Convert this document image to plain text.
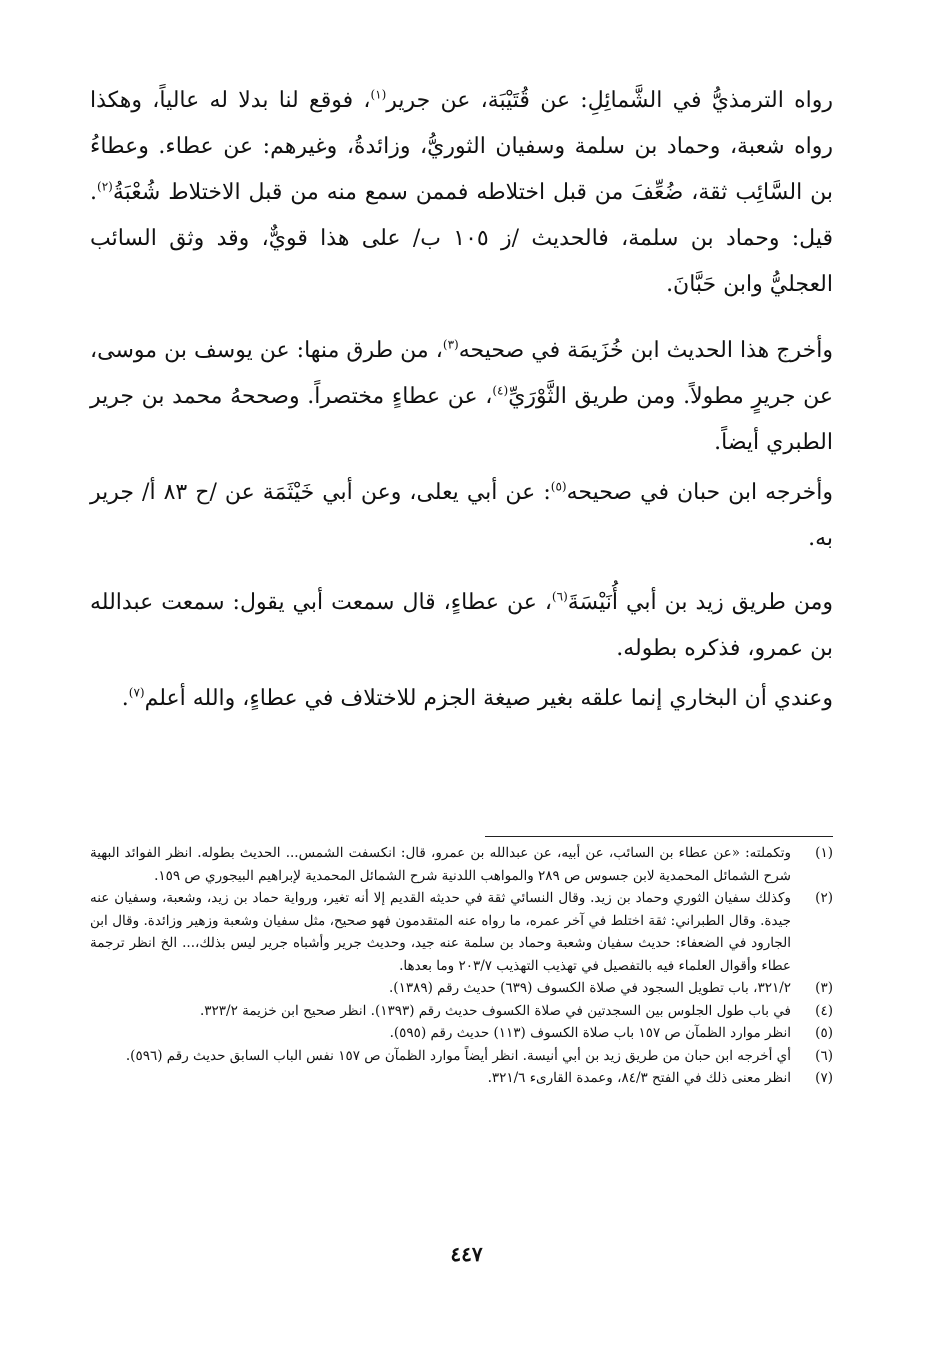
رواه الترمذيُّ في الشَّمائِلِ: عن قُتَيْبَة، عن جرير$^{(١)}$، فوقع لنا بدلا له عالياً، وهكذا رواه شعبة، وحماد بن سلمة وسفيان الثوريُّ، وزائدةُ، وغيرهم: عن عطاء. وعطاءُ بن السَّائِب ثقة، ضُعِّفَ من قبل اختلاطه فممن سمع منه من قبل الاختلاط شُعْبَةُ$^{(٢)}$. قيل: وحماد بن سلمة، فالحديث /ز ١٠٥ ب/ على هذا قويٌّ، وقد وثق السائب العجليُّ وابن حَبَّانَ.

وأخرج هذا الحديث ابن خُزَيمَة في صحيحه$^{(٣)}$، من طرق منها: عن يوسف بن موسى، عن جريرٍ مطولاً. ومن طريق الثَّوْرَيِّ$^{(٤)}$، عن عطاءٍ مختصراً. وصححهُ محمد بن جرير الطبري أيضاً.

وأخرجه ابن حبان في صحيحه$^{(٥)}$: عن أبي يعلى، وعن أبي خَيْثَمَة عن /ح ٨٣ أ/ جرير به.

ومن طريق زيد بن أبي أُنَيْسَةَ$^{(٦)}$، عن عطاءٍ، قال سمعت أبي يقول: سمعت عبدالله بن عمرو، فذكره بطوله.

وعندي أن البخاري إنما علقه بغير صيغة الجزم للاختلاف في عطاءٍ، والله أعلم$^{(٧)}$.

(١)
وتكملته: «عن عطاء بن السائب، عن أبيه، عن عبدالله بن عمرو، قال: انكسفت الشمس... الحديث بطوله. انظر الفوائد البهية شرح الشمائل المحمدية لابن جسوس ص ٢٨٩ والمواهب اللدنية شرح الشمائل المحمدية لإبراهيم البيجوري ص ١٥٩.
(٢)
وكذلك سفيان الثوري وحماد بن زيد. وقال النسائي ثقة في حديثه القديم إلا أنه تغير، ورواية حماد بن زيد، وشعبة، وسفيان عنه جيدة. وقال الطبراني: ثقة اختلط في آخر عمره، ما رواه عنه المتقدمون فهو صحيح، مثل سفيان وشعبة وزهير وزائدة. وقال ابن الجارود في الضعفاء: حديث سفيان وشعبة وحماد بن سلمة عنه جيد، وحديث جرير وأشباه جرير ليس بذلك،... الخ انظر ترجمة عطاء وأقوال العلماء فيه بالتفصيل في تهذيب التهذيب ٢٠٣/٧ وما بعدها.
(٣)
٣٢١/٢، باب تطويل السجود في صلاة الكسوف (٦٣٩) حديث رقم (١٣٨٩).
(٤)
في باب طول الجلوس بين السجدتين في صلاة الكسوف حديث رقم (١٣٩٣). انظر صحيح ابن خزيمة ٣٢٣/٢.
(٥)
انظر موارد الظمآن ص ١٥٧ باب صلاة الكسوف (١١٣) حديث رقم (٥٩٥).
(٦)
أي أخرجه ابن حبان من طريق زيد بن أبي أنيسة. انظر أيضاً موارد الظمآن ص ١٥٧ نفس الباب السابق حديث رقم (٥٩٦).
(٧)
انظر معنى ذلك في الفتح ٨٤/٣، وعمدة القارىء ٣٢١/٦.
٤٤٧
